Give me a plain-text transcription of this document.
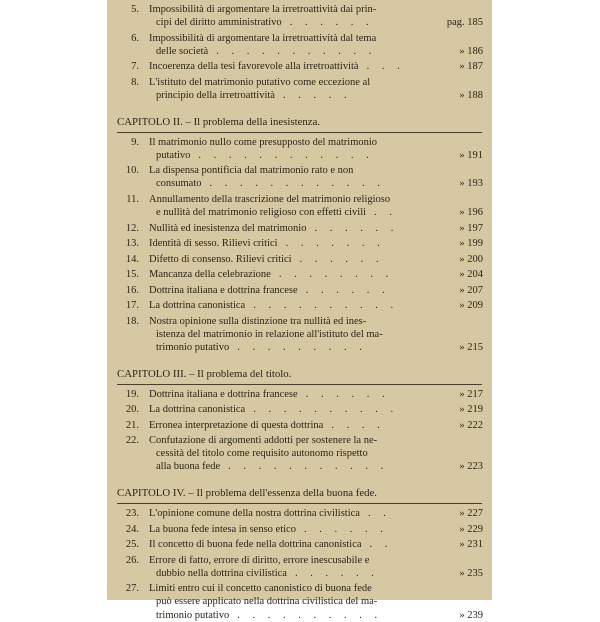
5. Impossibilità di argomentare la irretroattività dai prin-
cipi del diritto amministrativo . . . . . .	pag. 185
6. Impossibilità di argomentare la irretroattività dal tema
delle società . . . . . . . . . . .	» 186
7. Incoerenza della tesi favorevole alla irretroattività . . .	» 187
8. L'istituto del matrimonio putativo come eccezione al
principio della irretroattività . . . . .	» 188
CAPITOLO II. – Il problema della inesistenza.
9. Il matrimonio nullo come presupposto del matrimonio
putativo . . . . . . . . . . . .	» 191
10. La dispensa pontificia dal matrimonio rato e non
consumato . . . . . . . . . . . .	» 193
11. Annullamento della trascrizione del matrimonio religioso
e nullità del matrimonio religioso con effetti civili . .	» 196
12. Nullità ed inesistenza del matrimonio . . . . . .	» 197
13. Identità di sesso. Rilievi critici . . . . . . .	» 199
14. Difetto di consenso. Rilievi critici . . . . . .	» 200
15. Mancanza della celebrazione . . . . . . . .	» 204
16. Dottrina italiana e dottrina francese . . . . . .	» 207
17. La dottrina canonistica . . . . . . . . . .	» 209
18. Nostra opinione sulla distinzione tra nullità ed ines-
istenza del matrimonio in relazione all'istituto del ma-
trimonio putativo . . . . . . . . .	» 215
CAPITOLO III. – Il problema del titolo.
19. Dottrina italiana e dottrina francese . . . . . .	» 217
20. La dottrina canonistica . . . . . . . . . .	» 219
21. Erronea interpretazione di questa dottrina . . . .	» 222
22. Confutazione di argomenti addotti per sostenere la ne-
cessità del titolo come requisito autonomo rispetto
alla buona fede . . . . . . . . . . .	» 223
CAPITOLO IV. – Il problema dell'essenza della buona fede.
23. L'opinione comune della nostra dottrina civilistica . .	» 227
24. La buona fede intesa in senso etico . . . . . .	» 229
25. Il concetto di buona fede nella dottrina canonistica . .	» 231
26. Errore di fatto, errore di diritto, errore inescusabile e
dubbio nella dottrina civilistica . . . . . .	» 235
27. Limiti entro cui il concetto canonistico di buona fede
può essere applicato nella dottrina civilistica del ma-
trimonio putativo . . . . . . . . . .	» 239
